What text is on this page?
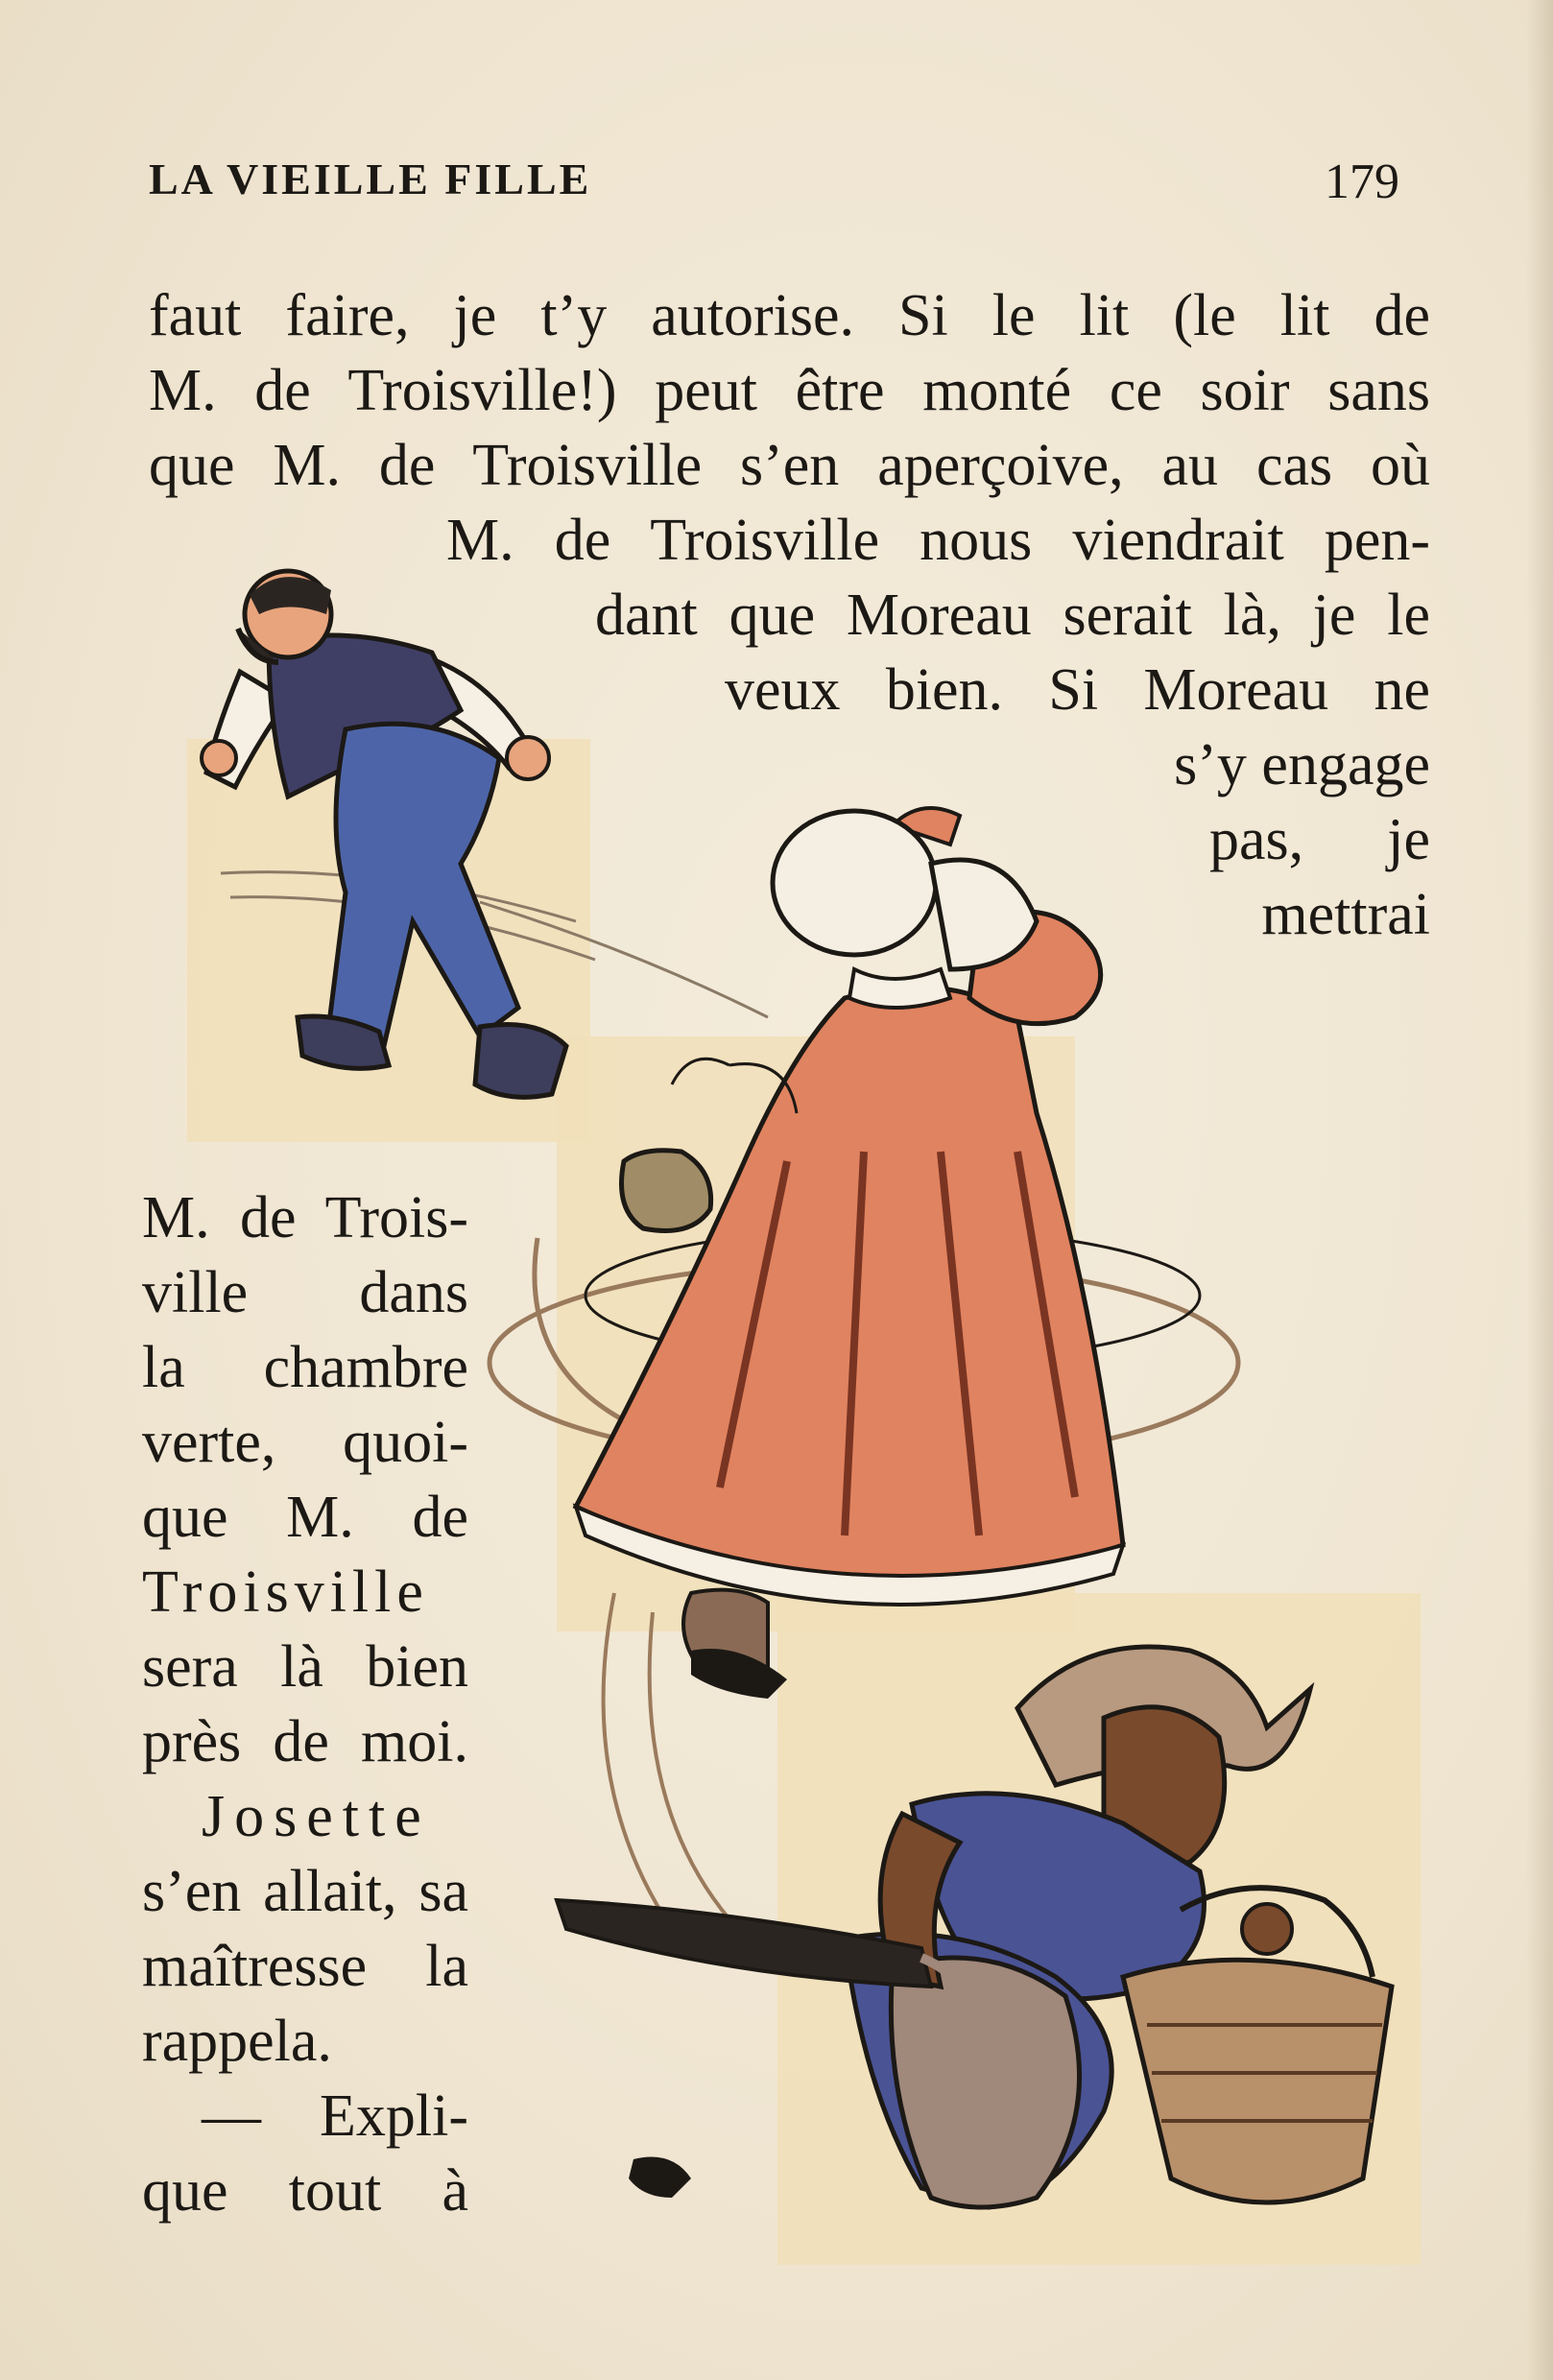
LA VIEILLE FILLE	179
faut faire, je t’y autorise. Si le lit (le lit de
M. de Troisville!) peut être monté ce soir sans
que M. de Troisville s’en aperçoive, au cas où
M. de Troisville nous viendrait pen-
dant que Moreau serait là, je le
veux bien. Si Moreau ne
s’y engage
pas, je
mettrai
M. de Trois-
ville dans
la chambre
verte, quoi-
que M. de
Troisville
sera là bien
près de moi.
Josette
s’en allait, sa
maîtresse la
rappela.
— Expli-
que tout à
